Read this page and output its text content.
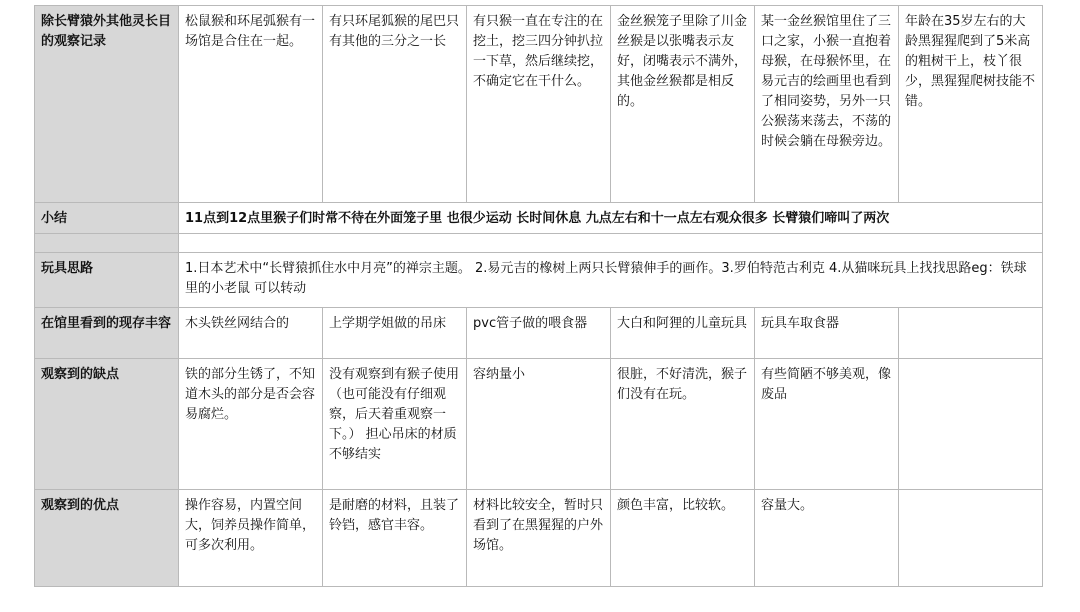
除长臂猿外其他灵长目的观察记录	松鼠猴和环尾弧猴有一场馆是合住在一起。	有只环尾狐猴的尾巴只有其他的三分之一长	有只猴一直在专注的在挖土，挖三四分钟扒拉一下草，然后继续挖，不确定它在干什么。	金丝猴笼子里除了川金丝猴是以张嘴表示友好，闭嘴表示不满外，其他金丝猴都是相反的。	某一金丝猴馆里住了三口之家，小猴一直抱着母猴，在母猴怀里，在易元吉的绘画里也看到了相同姿势，另外一只公猴荡来荡去，不荡的时候会躺在母猴旁边。	年龄在35岁左右的大龄黑猩猩爬到了5米高的粗树干上，枝丫很少，黑猩猩爬树技能不错。
小结	11点到12点里猴子们时常不待在外面笼子里 也很少运动 长时间休息 九点左右和十一点左右观众很多 长臂猿们啼叫了两次					

玩具思路	1.日本艺术中“长臂猿抓住水中月亮”的禅宗主题。 2.易元吉的橡树上两只长臂猿伸手的画作。3.罗伯特范古利克 4.从猫咪玩具上找找思路eg：铁球里的小老鼠 可以转动					
在馆里看到的现存丰容	木头铁丝网结合的	上学期学姐做的吊床	pvc管子做的喂食器	大白和阿狸的儿童玩具	玩具车取食器	
观察到的缺点	铁的部分生锈了，不知道木头的部分是否会容易腐烂。	没有观察到有猴子使用（也可能没有仔细观察，后天着重观察一下。） 担心吊床的材质不够结实	容纳量小	很脏，不好清洗，猴子们没有在玩。	有些简陋不够美观，像废品	
观察到的优点	操作容易，内置空间大，饲养员操作简单，可多次利用。	是耐磨的材料，且装了铃铛，感官丰容。	材料比较安全，暂时只看到了在黑猩猩的户外场馆。	颜色丰富，比较软。	容量大。	
